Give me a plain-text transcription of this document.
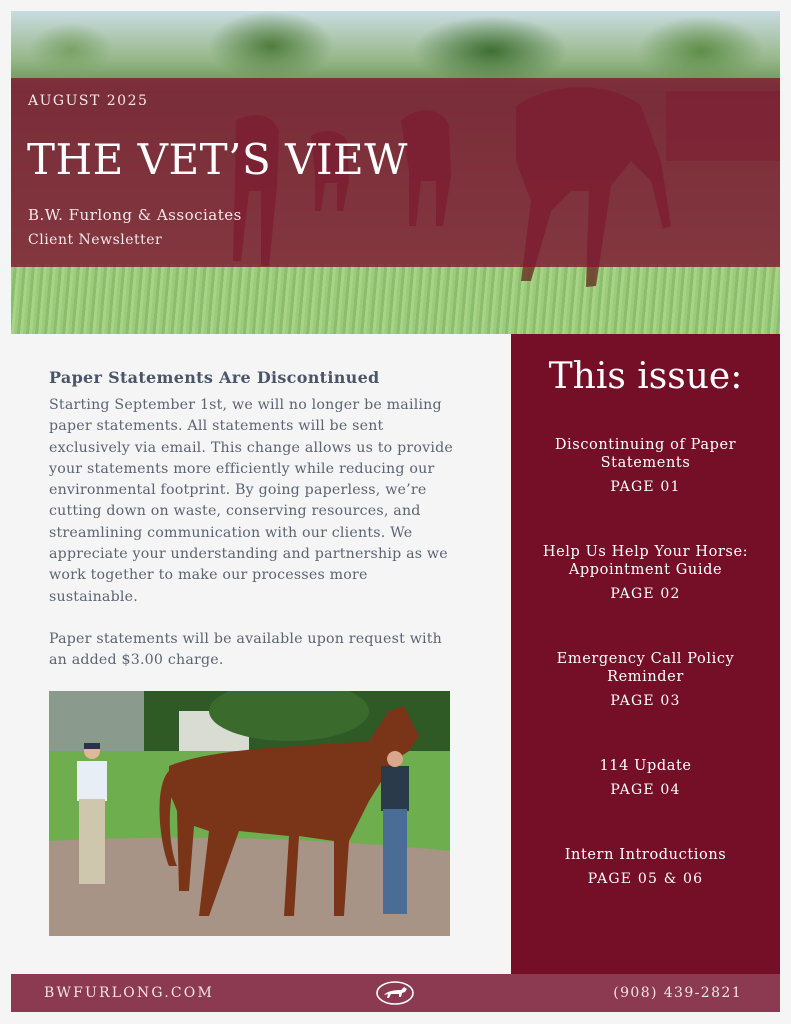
AUGUST 2025
THE VET’S VIEW
B.W. Furlong & Associates
Client Newsletter
Paper Statements Are Discontinued

Starting September 1st, we will no longer be mailing paper statements. All statements will be sent exclusively via email. This change allows us to provide your statements more efficiently while reducing our environmental footprint. By going paperless, we’re cutting down on waste, conserving resources, and streamlining communication with our clients. We appreciate your understanding and partnership as we work together to make our processes more sustainable.

Paper statements will be available upon request with an added $3.00 charge.

This issue:
Discontinuing of Paper Statements
PAGE 01
Help Us Help Your Horse: Appointment Guide
PAGE 02
Emergency Call Policy Reminder
PAGE 03
114 Update
PAGE 04
Intern Introductions
PAGE 05 & 06
BWFURLONG.COM	(908) 439-2821
